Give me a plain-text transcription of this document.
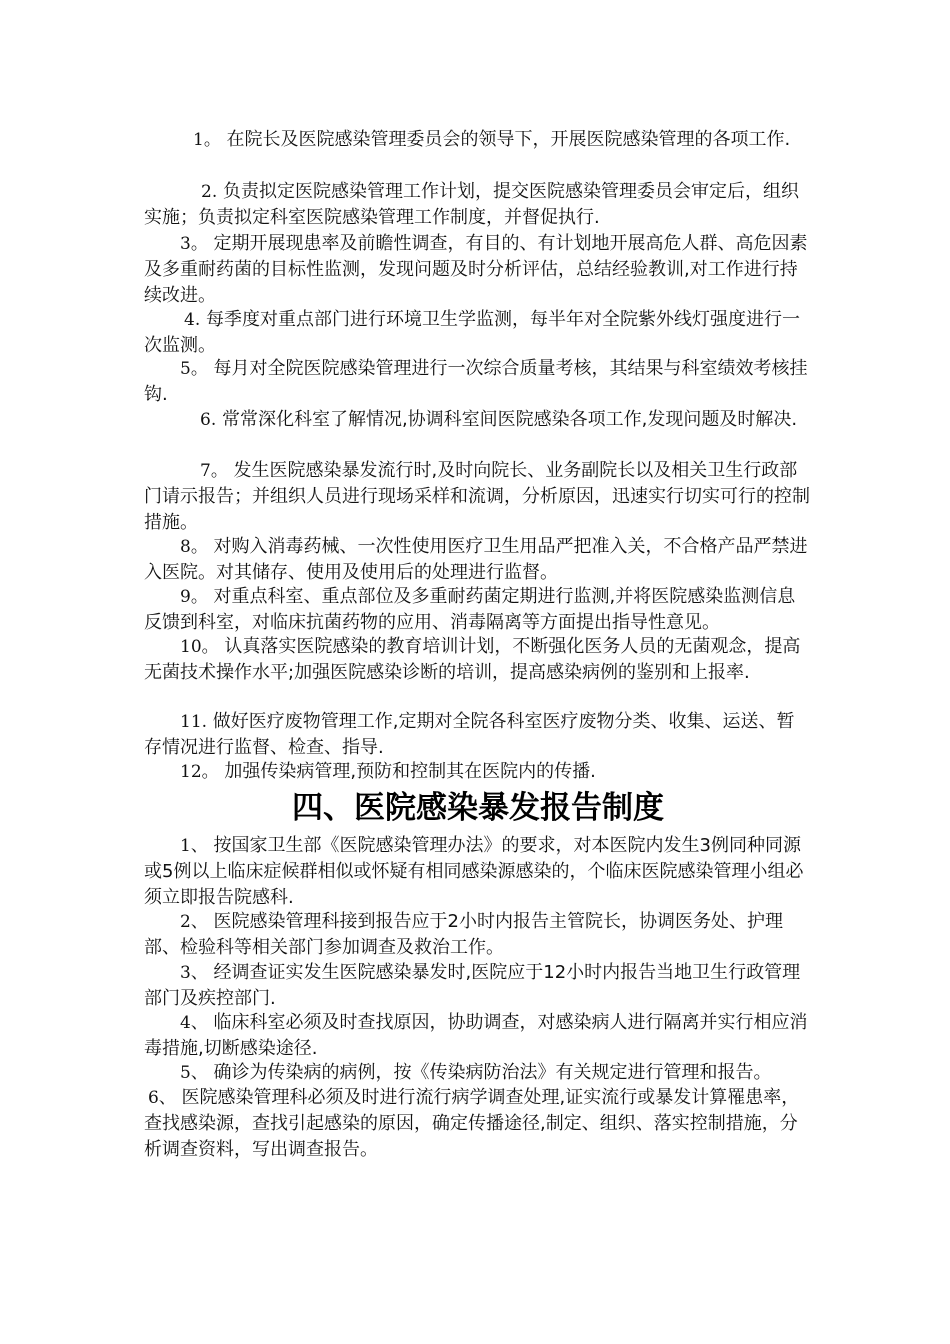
1。 在院长及医院感染管理委员会的领导下，开展医院感染管理的各项工作.

2. 负责拟定医院感染管理工作计划，提交医院感染管理委员会审定后，组织实施；负责拟定科室医院感染管理工作制度，并督促执行.

3。 定期开展现患率及前瞻性调查，有目的、有计划地开展高危人群、高危因素及多重耐药菌的目标性监测，发现问题及时分析评估，总结经验教训,对工作进行持续改进。

4. 每季度对重点部门进行环境卫生学监测，每半年对全院紫外线灯强度进行一次监测。

5。 每月对全院医院感染管理进行一次综合质量考核，其结果与科室绩效考核挂钩.

6. 常常深化科室了解情况,协调科室间医院感染各项工作,发现问题及时解决.

7。 发生医院感染暴发流行时,及时向院长、业务副院长以及相关卫生行政部门请示报告；并组织人员进行现场采样和流调，分析原因，迅速实行切实可行的控制措施。

8。 对购入消毒药械、一次性使用医疗卫生用品严把准入关，不合格产品严禁进入医院。对其储存、使用及使用后的处理进行监督。

9。 对重点科室、重点部位及多重耐药菌定期进行监测,并将医院感染监测信息反馈到科室，对临床抗菌药物的应用、消毒隔离等方面提出指导性意见。

10。 认真落实医院感染的教育培训计划，不断强化医务人员的无菌观念，提高无菌技术操作水平;加强医院感染诊断的培训，提高感染病例的鉴别和上报率.

11. 做好医疗废物管理工作,定期对全院各科室医疗废物分类、收集、运送、暂存情况进行监督、检查、指导.

12。 加强传染病管理,预防和控制其在医院内的传播.

四、医院感染暴发报告制度

1、 按国家卫生部《医院感染管理办法》的要求，对本医院内发生3例同种同源或5例以上临床症候群相似或怀疑有相同感染源感染的，个临床医院感染管理小组必须立即报告院感科.

2、 医院感染管理科接到报告应于2小时内报告主管院长，协调医务处、护理部、检验科等相关部门参加调查及救治工作。

3、 经调查证实发生医院感染暴发时,医院应于12小时内报告当地卫生行政管理部门及疾控部门.

4、 临床科室必须及时查找原因，协助调查，对感染病人进行隔离并实行相应消毒措施,切断感染途径.

5、 确诊为传染病的病例，按《传染病防治法》有关规定进行管理和报告。

6、 医院感染管理科必须及时进行流行病学调查处理,证实流行或暴发计算罹患率，查找感染源，查找引起感染的原因，确定传播途径,制定、组织、落实控制措施，分析调查资料，写出调查报告。
